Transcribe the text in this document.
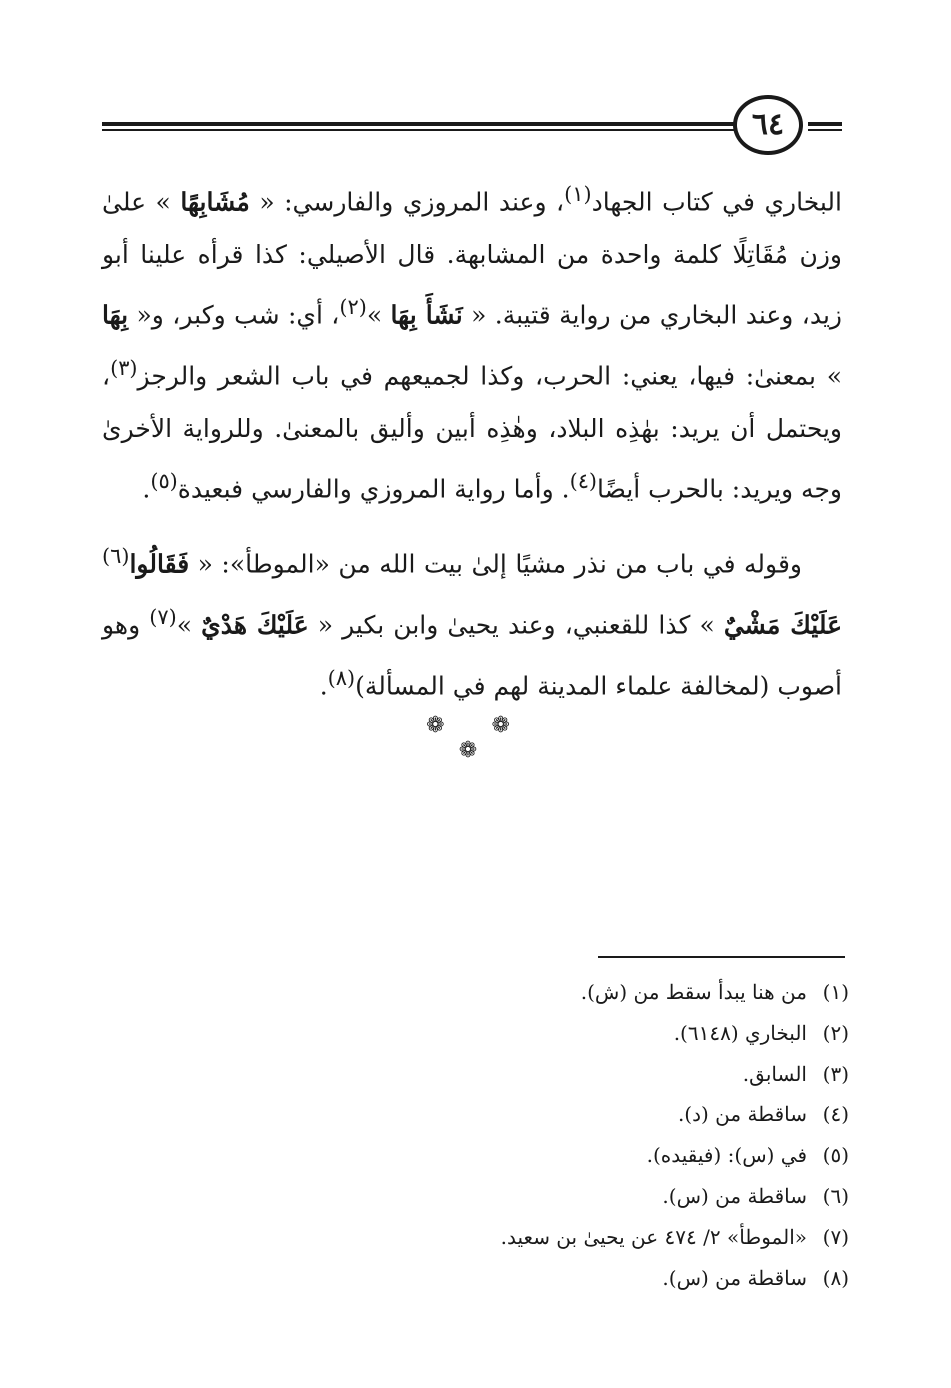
٦٤

البخاري في كتاب الجهاد$^{(١)}$، وعند المروزي والفارسي: « مُشَابِهًا » علىٰ وزن مُقَاتِلًا كلمة واحدة من المشابهة. قال الأصيلي: كذا قرأه علينا أبو زيد، وعند البخاري من رواية قتيبة. « نَشَأَ بِهَا »$^{(٢)}$، أي: شب وكبر، و« بِهَا » بمعنىٰ: فيها، يعني: الحرب، وكذا لجميعهم في باب الشعر والرجز$^{(٣)}$، ويحتمل أن يريد: بهٰذِه البلاد، وهٰذِه أبين وأليق بالمعنىٰ. وللرواية الأخرىٰ وجه ويريد: بالحرب أيضًا$^{(٤)}$. وأما رواية المروزي والفارسي فبعيدة$^{(٥)}$.

وقوله في باب من نذر مشيًا إلىٰ بيت الله من «الموطأ»: « فَقَالُوا$^{(٦)}$ عَلَيْكَ مَشْيٌ » كذا للقعنبي، وعند يحيىٰ وابن بكير « عَلَيْكَ هَدْيٌ »$^{(٧)}$ وهو أصوب (لمخالفة علماء المدينة لهم في المسألة)$^{(٨)}$.

❁ ❁ ❁
(١)من هنا يبدأ سقط من (ش).
(٢)البخاري (٦١٤٨).
(٣)السابق.
(٤)ساقطة من (د).
(٥)في (س): (فيقيده).
(٦)ساقطة من (س).
(٧)«الموطأ» ٢/ ٤٧٤ عن يحيىٰ بن سعيد.
(٨)ساقطة من (س).
